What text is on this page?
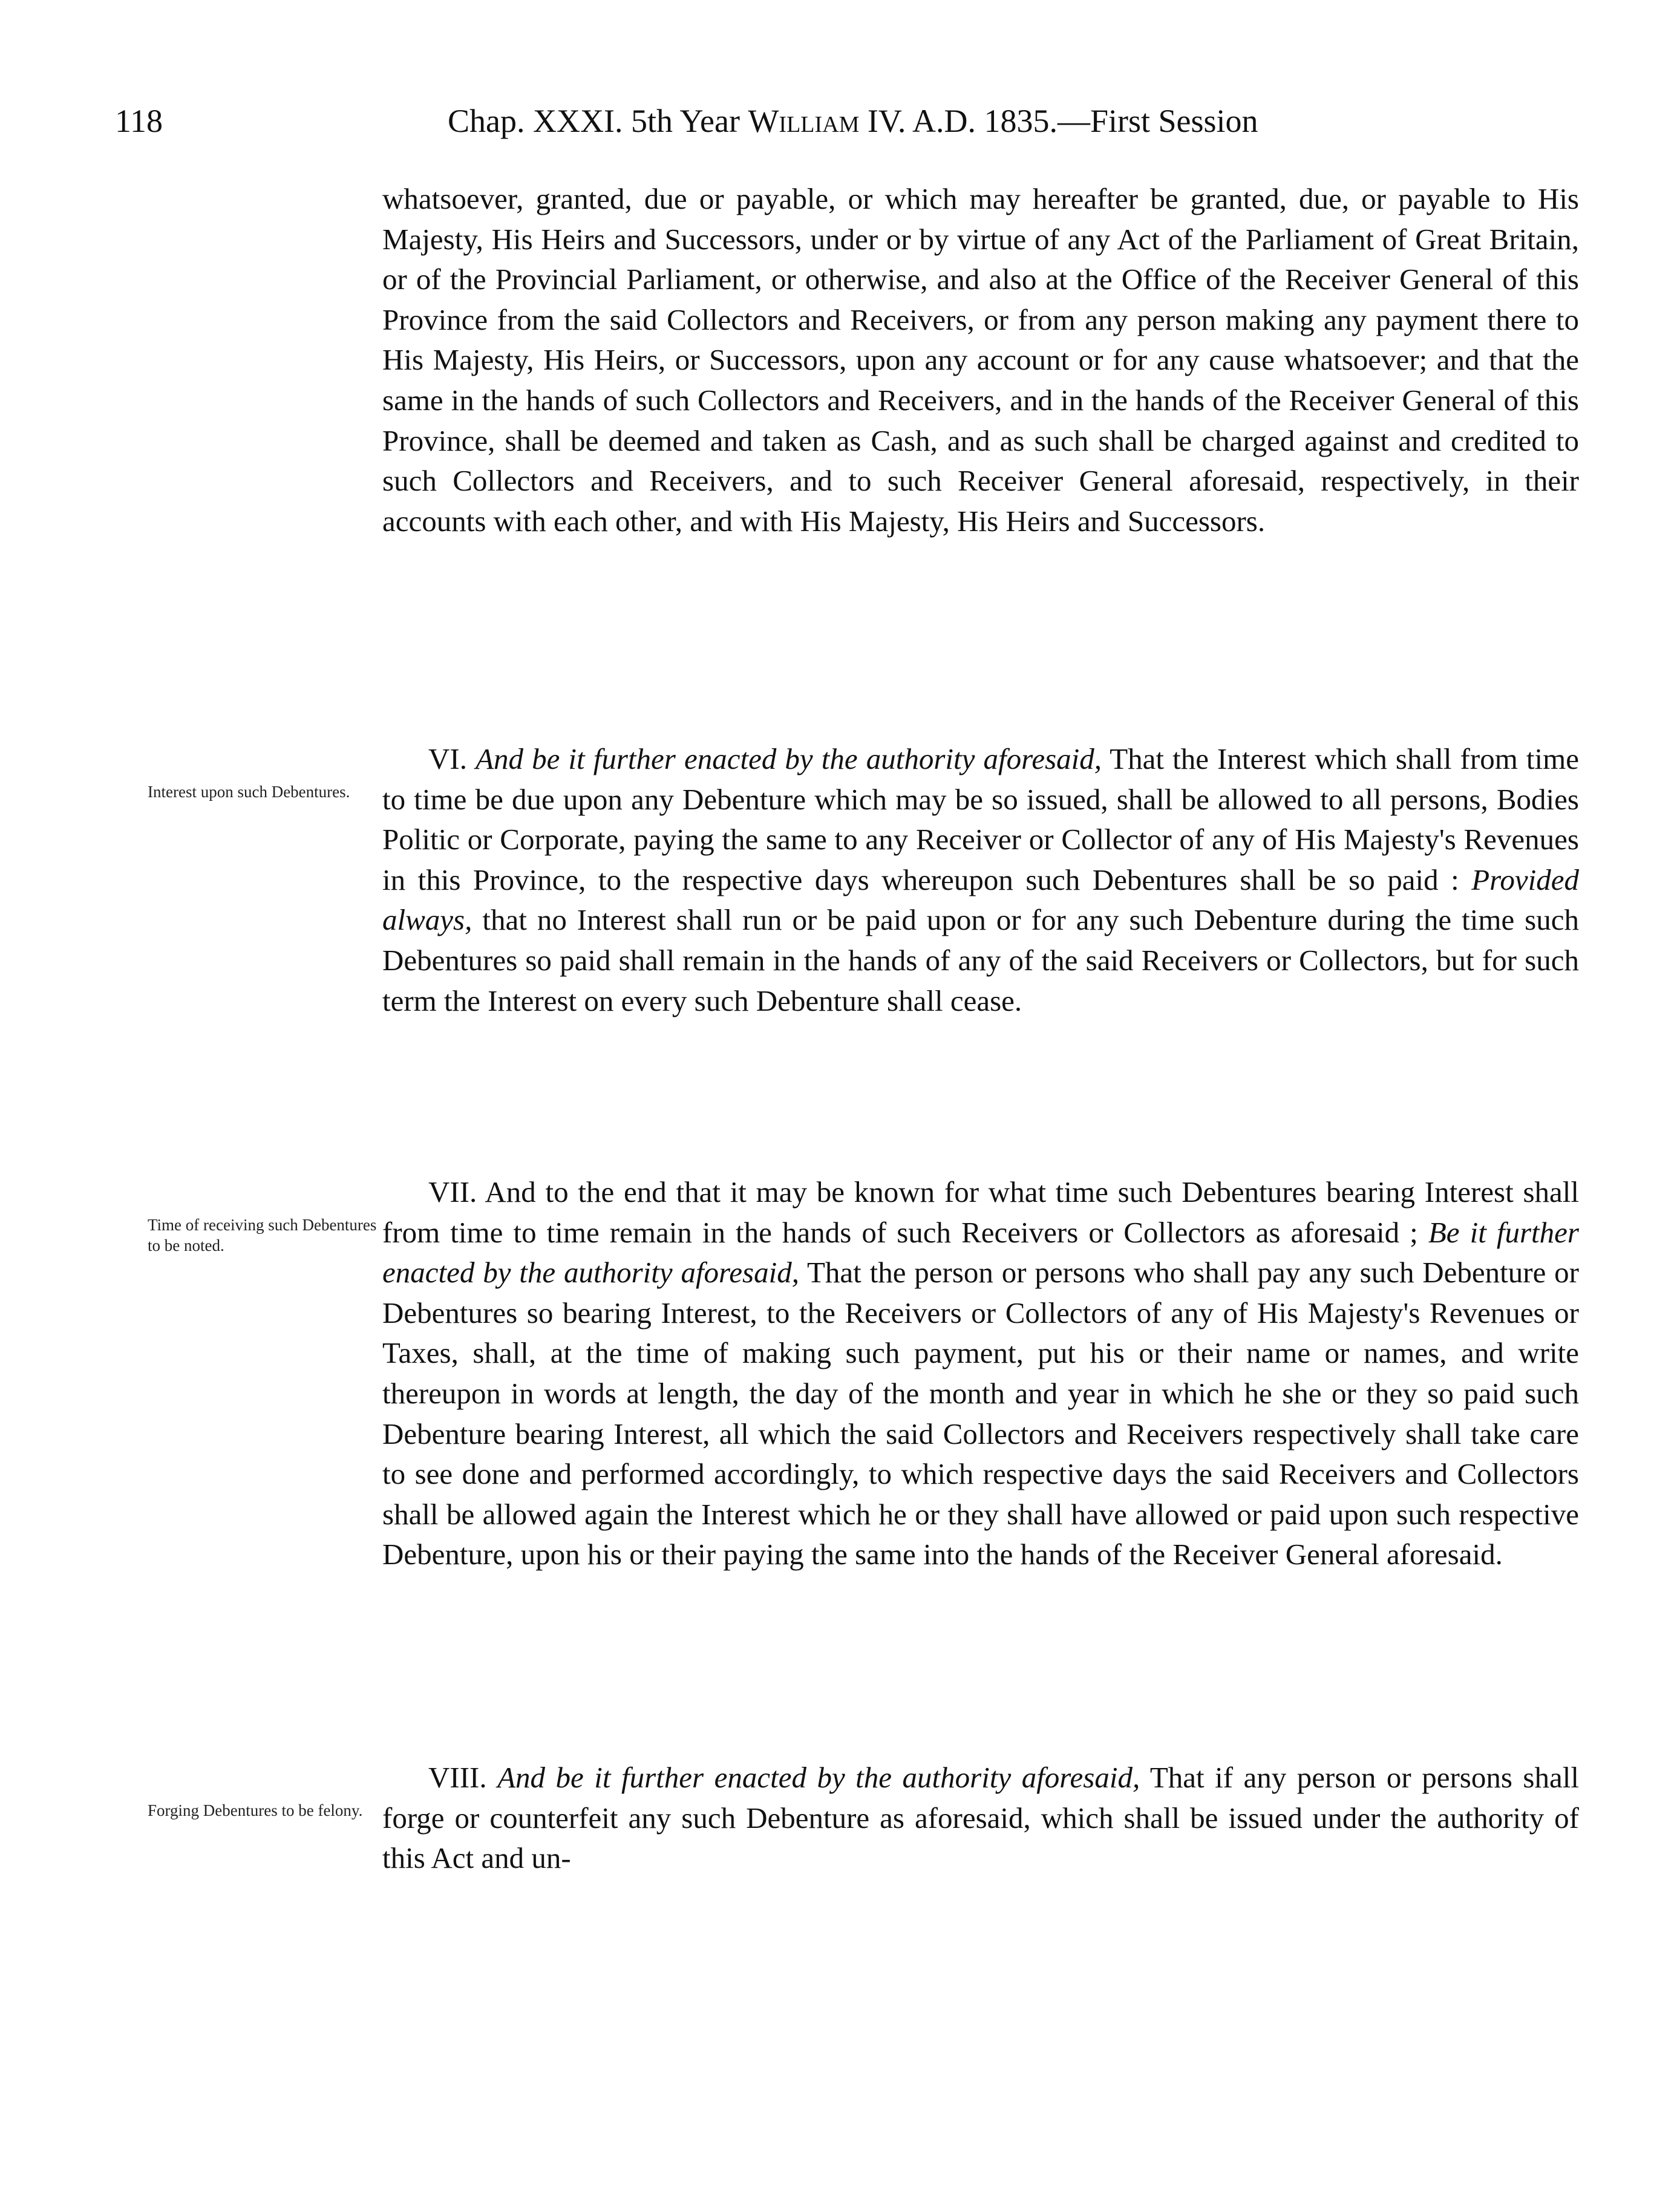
118	Chap. XXXI. 5th Year William IV. A.D. 1835.—First Session

whatsoever, granted, due or payable, or which may hereafter be granted, due, or payable to His Majesty, His Heirs and Successors, under or by virtue of any Act of the Parliament of Great Britain, or of the Provincial Parliament, or otherwise, and also at the Office of the Receiver General of this Province from the said Collectors and Receivers, or from any person making any payment there to His Majesty, His Heirs, or Successors, upon any account or for any cause whatsoever; and that the same in the hands of such Collectors and Receivers, and in the hands of the Receiver General of this Province, shall be deemed and taken as Cash, and as such shall be charged against and credited to such Collectors and Receivers, and to such Receiver General aforesaid, respectively, in their accounts with each other, and with His Majesty, His Heirs and Successors.

Interest upon such Debentures.

VI. And be it further enacted by the authority aforesaid, That the Interest which shall from time to time be due upon any Debenture which may be so issued, shall be allowed to all persons, Bodies Politic or Corporate, paying the same to any Receiver or Collector of any of His Majesty's Revenues in this Province, to the respective days whereupon such Debentures shall be so paid : Provided always, that no Interest shall run or be paid upon or for any such Debenture during the time such Debentures so paid shall remain in the hands of any of the said Receivers or Collectors, but for such term the Interest on every such Debenture shall cease.

Time of receiving such Debentures to be noted.

VII. And to the end that it may be known for what time such Debentures bearing Interest shall from time to time remain in the hands of such Receivers or Collectors as aforesaid ; Be it further enacted by the authority aforesaid, That the person or persons who shall pay any such Debenture or Debentures so bearing Interest, to the Receivers or Collectors of any of His Majesty's Revenues or Taxes, shall, at the time of making such payment, put his or their name or names, and write thereupon in words at length, the day of the month and year in which he she or they so paid such Debenture bearing Interest, all which the said Collectors and Receivers respectively shall take care to see done and performed accordingly, to which respective days the said Receivers and Collectors shall be allowed again the Interest which he or they shall have allowed or paid upon such respective Debenture, upon his or their paying the same into the hands of the Receiver General aforesaid.

Forging Debentures to be felony.

VIII. And be it further enacted by the authority aforesaid, That if any person or persons shall forge or counterfeit any such Debenture as aforesaid, which shall be issued under the authority of this Act and un-
